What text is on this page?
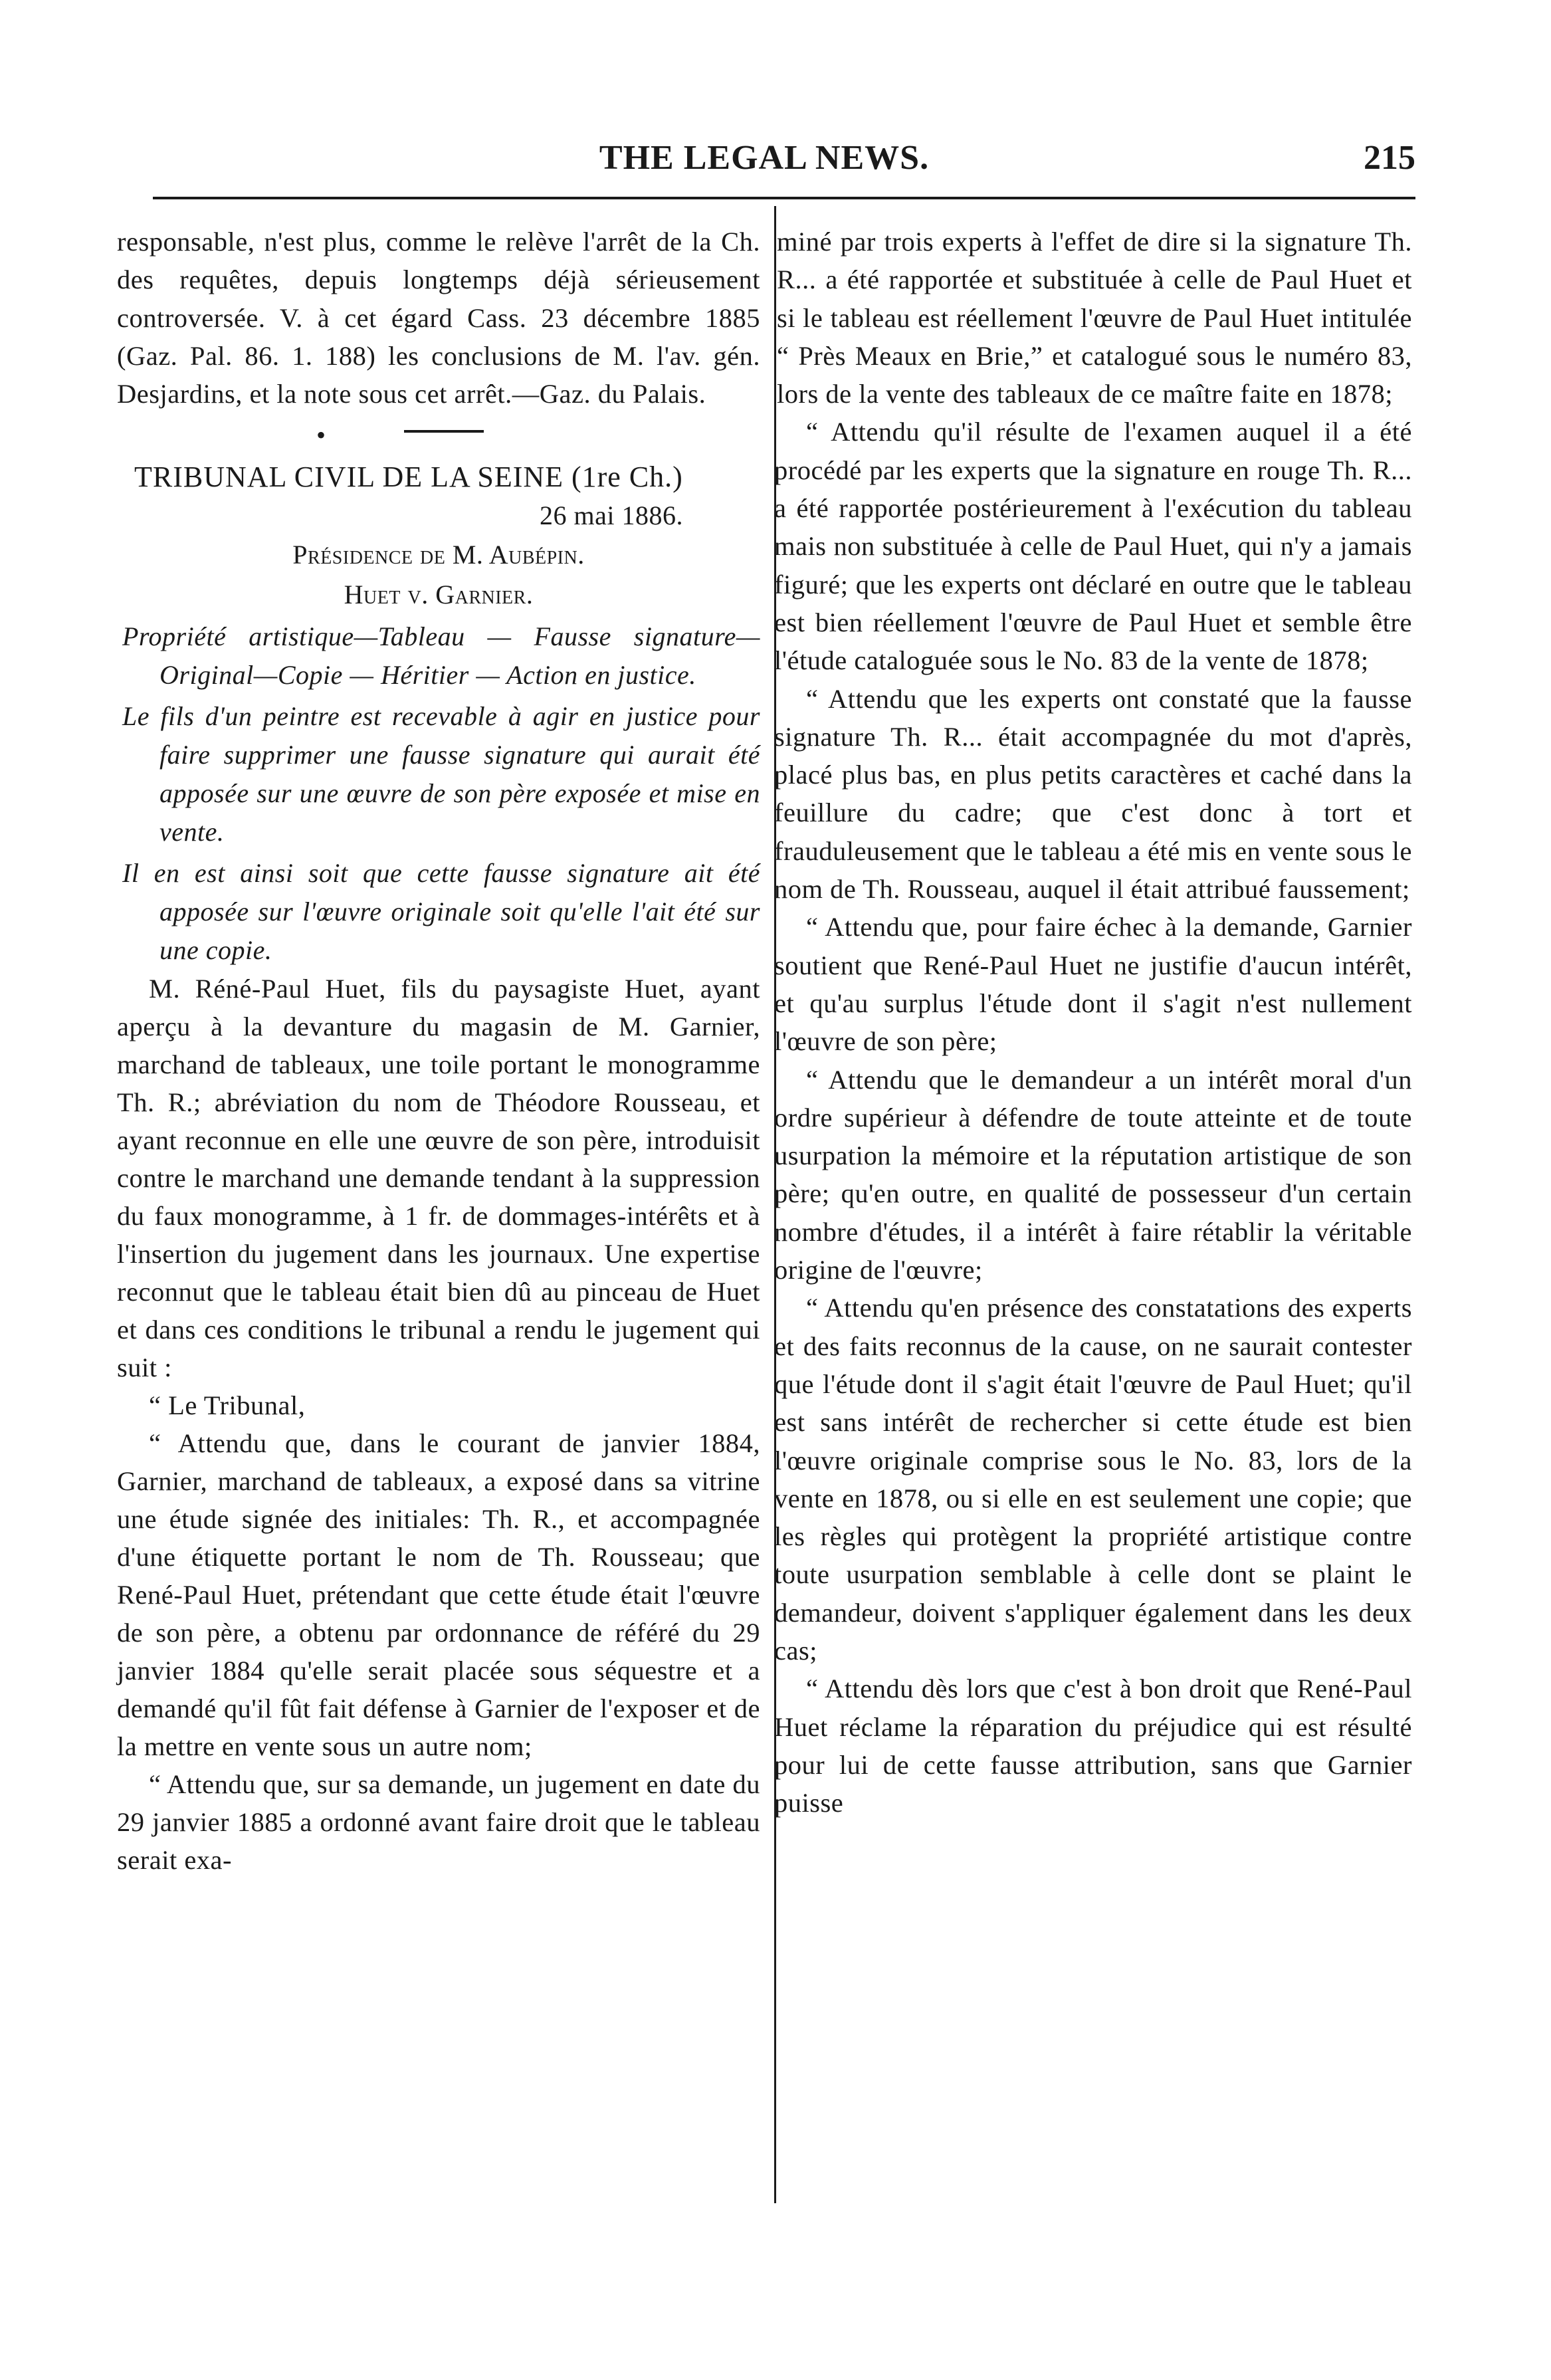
THE LEGAL NEWS.	215

responsable, n'est plus, comme le relève l'arrêt de la Ch. des requêtes, depuis longtemps déjà sérieusement controversée. V. à cet égard Cass. 23 décembre 1885 (Gaz. Pal. 86. 1. 188) les conclusions de M. l'av. gén. Desjardins, et la note sous cet arrêt.—Gaz. du Palais.

•

TRIBUNAL CIVIL DE LA SEINE (1re Ch.)

26 mai 1886.

Présidence de M. Aubépin.

Huet v. Garnier.

Propriété artistique—Tableau — Fausse signature—Original—Copie — Héritier — Action en justice.

Le fils d'un peintre est recevable à agir en justice pour faire supprimer une fausse signature qui aurait été apposée sur une œuvre de son père exposée et mise en vente.

Il en est ainsi soit que cette fausse signature ait été apposée sur l'œuvre originale soit qu'elle l'ait été sur une copie.

M. Réné-Paul Huet, fils du paysagiste Huet, ayant aperçu à la devanture du magasin de M. Garnier, marchand de tableaux, une toile portant le monogramme Th. R.; abréviation du nom de Théodore Rousseau, et ayant reconnue en elle une œuvre de son père, introduisit contre le marchand une demande tendant à la suppression du faux monogramme, à 1 fr. de dommages-intérêts et à l'insertion du jugement dans les journaux. Une expertise reconnut que le tableau était bien dû au pinceau de Huet et dans ces conditions le tribunal a rendu le jugement qui suit :

“ Le Tribunal,

“ Attendu que, dans le courant de janvier 1884, Garnier, marchand de tableaux, a exposé dans sa vitrine une étude signée des initiales: Th. R., et accompagnée d'une étiquette portant le nom de Th. Rousseau; que René-Paul Huet, prétendant que cette étude était l'œuvre de son père, a obtenu par ordonnance de référé du 29 janvier 1884 qu'elle serait placée sous séquestre et a demandé qu'il fût fait défense à Garnier de l'exposer et de la mettre en vente sous un autre nom;

“ Attendu que, sur sa demande, un jugement en date du 29 janvier 1885 a ordonné avant faire droit que le tableau serait exa-

miné par trois experts à l'effet de dire si la signature Th. R... a été rapportée et substituée à celle de Paul Huet et si le tableau est réellement l'œuvre de Paul Huet intitulée “ Près Meaux en Brie,” et catalogué sous le numéro 83, lors de la vente des tableaux de ce maître faite en 1878;

“ Attendu qu'il résulte de l'examen auquel il a été procédé par les experts que la signature en rouge Th. R... a été rapportée postérieurement à l'exécution du tableau mais non substituée à celle de Paul Huet, qui n'y a jamais figuré; que les experts ont déclaré en outre que le tableau est bien réellement l'œuvre de Paul Huet et semble être l'étude cataloguée sous le No. 83 de la vente de 1878;

“ Attendu que les experts ont constaté que la fausse signature Th. R... était accompagnée du mot d'après, placé plus bas, en plus petits caractères et caché dans la feuillure du cadre; que c'est donc à tort et frauduleusement que le tableau a été mis en vente sous le nom de Th. Rousseau, auquel il était attribué faussement;

“ Attendu que, pour faire échec à la demande, Garnier soutient que René-Paul Huet ne justifie d'aucun intérêt, et qu'au surplus l'étude dont il s'agit n'est nullement l'œuvre de son père;

“ Attendu que le demandeur a un intérêt moral d'un ordre supérieur à défendre de toute atteinte et de toute usurpation la mémoire et la réputation artistique de son père; qu'en outre, en qualité de possesseur d'un certain nombre d'études, il a intérêt à faire rétablir la véritable origine de l'œuvre;

“ Attendu qu'en présence des constatations des experts et des faits reconnus de la cause, on ne saurait contester que l'étude dont il s'agit était l'œuvre de Paul Huet; qu'il est sans intérêt de rechercher si cette étude est bien l'œuvre originale comprise sous le No. 83, lors de la vente en 1878, ou si elle en est seulement une copie; que les règles qui protègent la propriété artistique contre toute usurpation semblable à celle dont se plaint le demandeur, doivent s'appliquer également dans les deux cas;

“ Attendu dès lors que c'est à bon droit que René-Paul Huet réclame la réparation du préjudice qui est résulté pour lui de cette fausse attribution, sans que Garnier puisse
